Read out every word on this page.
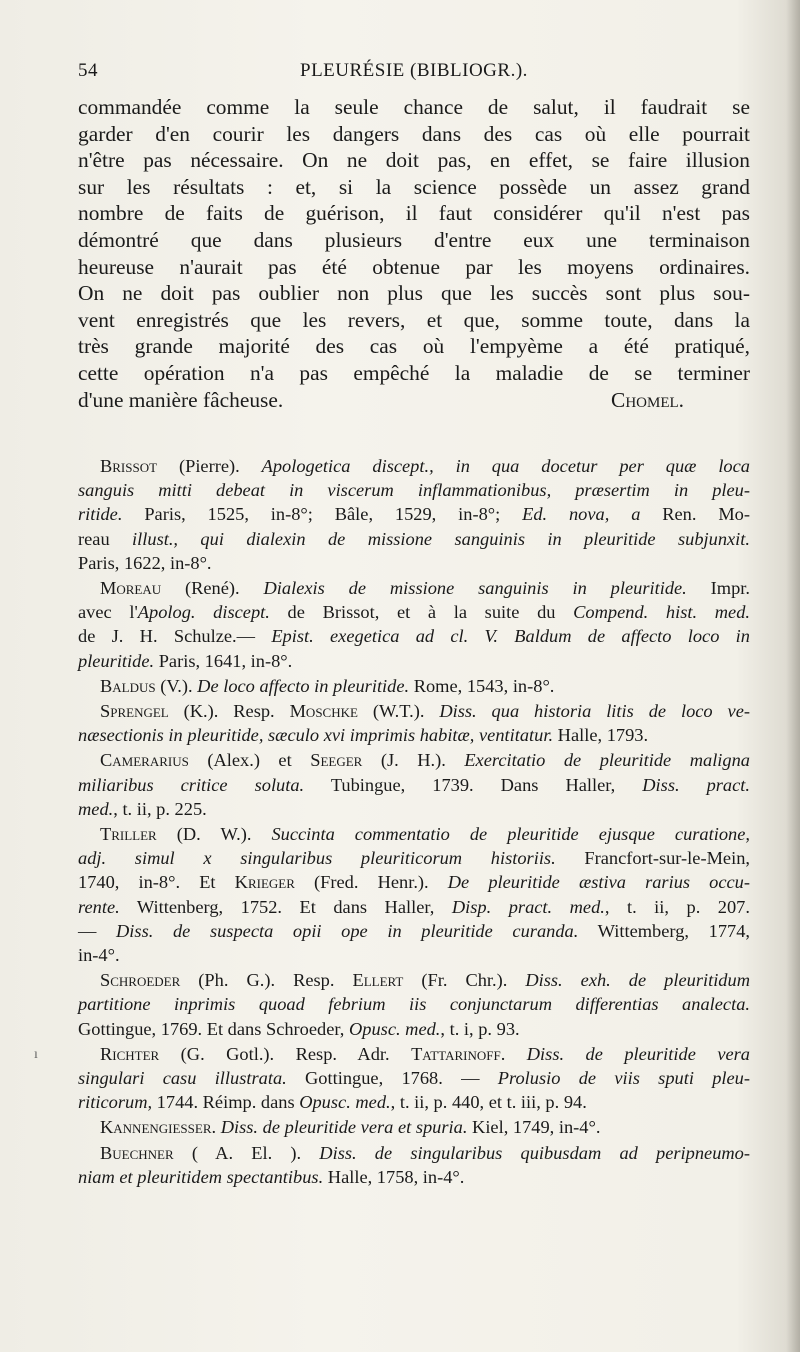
54	PLEURÉSIE (BIBLIOGR.).
commandée comme la seule chance de salut, il faudrait se
garder d'en courir les dangers dans des cas où elle pourrait
n'être pas nécessaire. On ne doit pas, en effet, se faire illusion
sur les résultats : et, si la science possède un assez grand
nombre de faits de guérison, il faut considérer qu'il n'est pas
démontré que dans plusieurs d'entre eux une terminaison
heureuse n'aurait pas été obtenue par les moyens ordinaires.
On ne doit pas oublier non plus que les succès sont plus sou-
vent enregistrés que les revers, et que, somme toute, dans la
très grande majorité des cas où l'empyème a été pratiqué,
cette opération n'a pas empêché la maladie de se terminer
d'une manière fâcheuse.	Chomel.
ı
Brissot (Pierre). Apologetica discept., in qua docetur per quæ loca
sanguis mitti debeat in viscerum inflammationibus, præsertim in pleu-
ritide. Paris, 1525, in-8°; Bâle, 1529, in-8°; Ed. nova, a Ren. Mo-
reau illust., qui dialexin de missione sanguinis in pleuritide subjunxit.
Paris, 1622, in-8°.
Moreau (René). Dialexis de missione sanguinis in pleuritide. Impr.
avec l'Apolog. discept. de Brissot, et à la suite du Compend. hist. med.
de J. H. Schulze.— Epist. exegetica ad cl. V. Baldum de affecto loco in
pleuritide. Paris, 1641, in-8°.
Baldus (V.). De loco affecto in pleuritide. Rome, 1543, in-8°.
Sprengel (K.). Resp. Moschke (W.T.). Diss. qua historia litis de loco ve-
næsectionis in pleuritide, sæculo xvi imprimis habitæ, ventitatur. Halle, 1793.
Camerarius (Alex.) et Seeger (J. H.). Exercitatio de pleuritide maligna
miliaribus critice soluta. Tubingue, 1739. Dans Haller, Diss. pract.
med., t. ii, p. 225.
Triller (D. W.). Succinta commentatio de pleuritide ejusque curatione,
adj. simul x singularibus pleuriticorum historiis. Francfort-sur-le-Mein,
1740, in-8°. Et Krieger (Fred. Henr.). De pleuritide æstiva rarius occu-
rente. Wittenberg, 1752. Et dans Haller, Disp. pract. med., t. ii, p. 207.
— Diss. de suspecta opii ope in pleuritide curanda. Wittemberg, 1774,
in-4°.
Schroeder (Ph. G.). Resp. Ellert (Fr. Chr.). Diss. exh. de pleuritidum
partitione inprimis quoad febrium iis conjunctarum differentias analecta.
Gottingue, 1769. Et dans Schroeder, Opusc. med., t. i, p. 93.
Richter (G. Gotl.). Resp. Adr. Tattarinoff. Diss. de pleuritide vera
singulari casu illustrata. Gottingue, 1768. — Prolusio de viis sputi pleu-
riticorum, 1744. Réimp. dans Opusc. med., t. ii, p. 440, et t. iii, p. 94.
Kannengiesser. Diss. de pleuritide vera et spuria. Kiel, 1749, in-4°.
Buechner ( A. El. ). Diss. de singularibus quibusdam ad peripneumo-
niam et pleuritidem spectantibus. Halle, 1758, in-4°.
